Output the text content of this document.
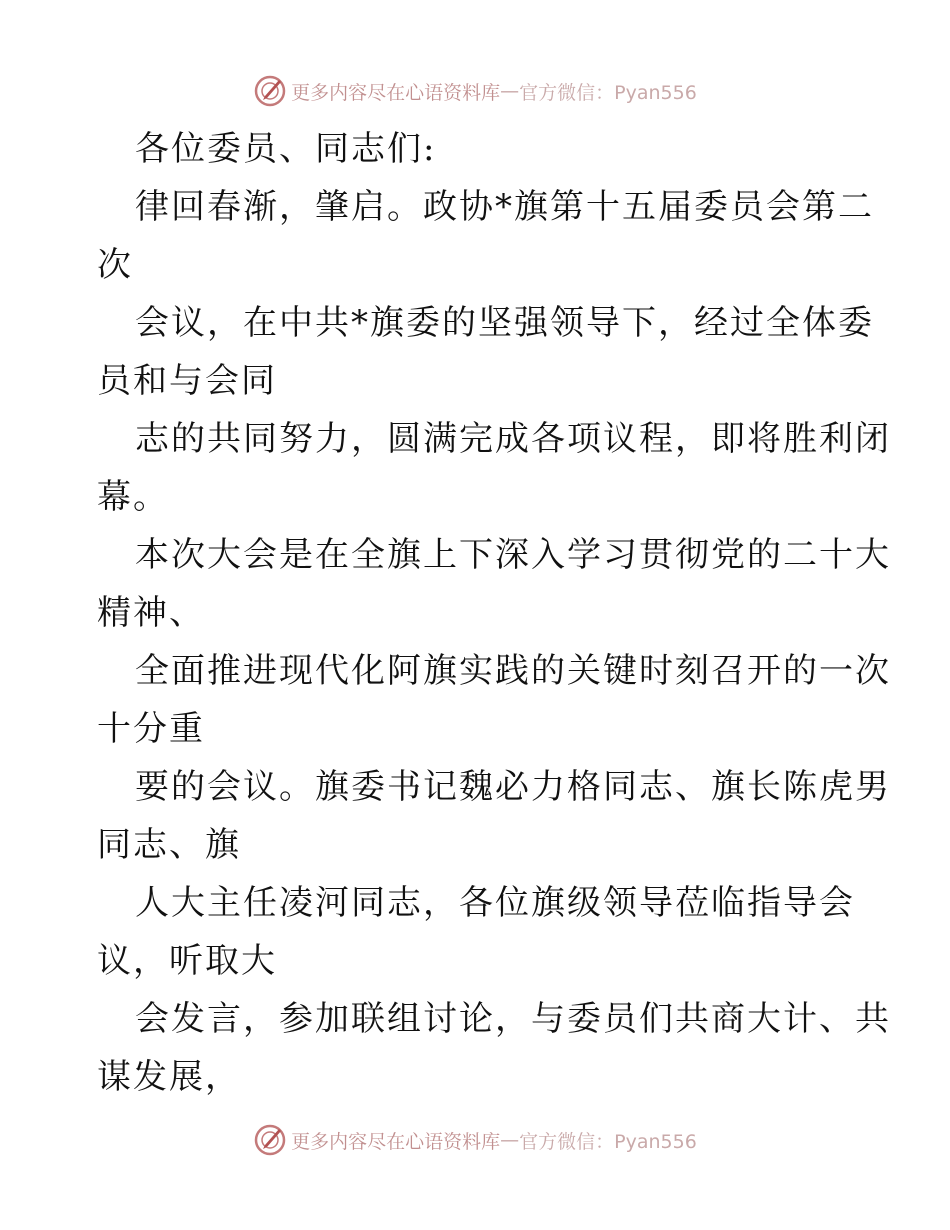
更多内容尽在心语资料库 — 官方微信：Pyan556
各位委员、同志们:
律回春渐，肇启。政协*旗第十五届委员会第二
次
会议，在中共*旗委的坚强领导下，经过全体委
员和与会同
志的共同努力，圆满完成各项议程，即将胜利闭
幕。
本次大会是在全旗上下深入学习贯彻党的二十大
精神、
全面推进现代化阿旗实践的关键时刻召开的一次
十分重
要的会议。旗委书记魏必力格同志、旗长陈虎男
同志、旗
人大主任凌河同志，各位旗级领导莅临指导会
议，听取大
会发言，参加联组讨论，与委员们共商大计、共
谋发展，
更多内容尽在心语资料库 — 官方微信：Pyan556
